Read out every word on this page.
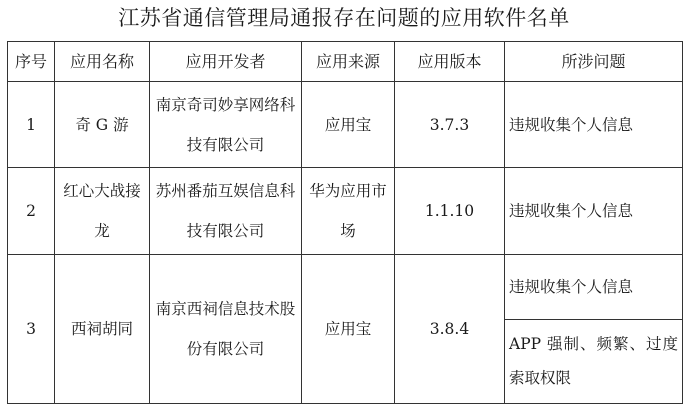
江苏省通信管理局通报存在问题的应用软件名单
序号	应用名称	应用开发者	应用来源	应用版本	所涉问题
1	奇 G 游	南京奇司妙享网络科技有限公司	应用宝	3.7.3	违规收集个人信息
2	红心大战接龙	苏州番茄互娱信息科技有限公司	华为应用市场	1.1.10	违规收集个人信息
3	西祠胡同	南京西祠信息技术股份有限公司	应用宝	3.8.4	违规收集个人信息
					APP 强制、频繁、过度索取权限
